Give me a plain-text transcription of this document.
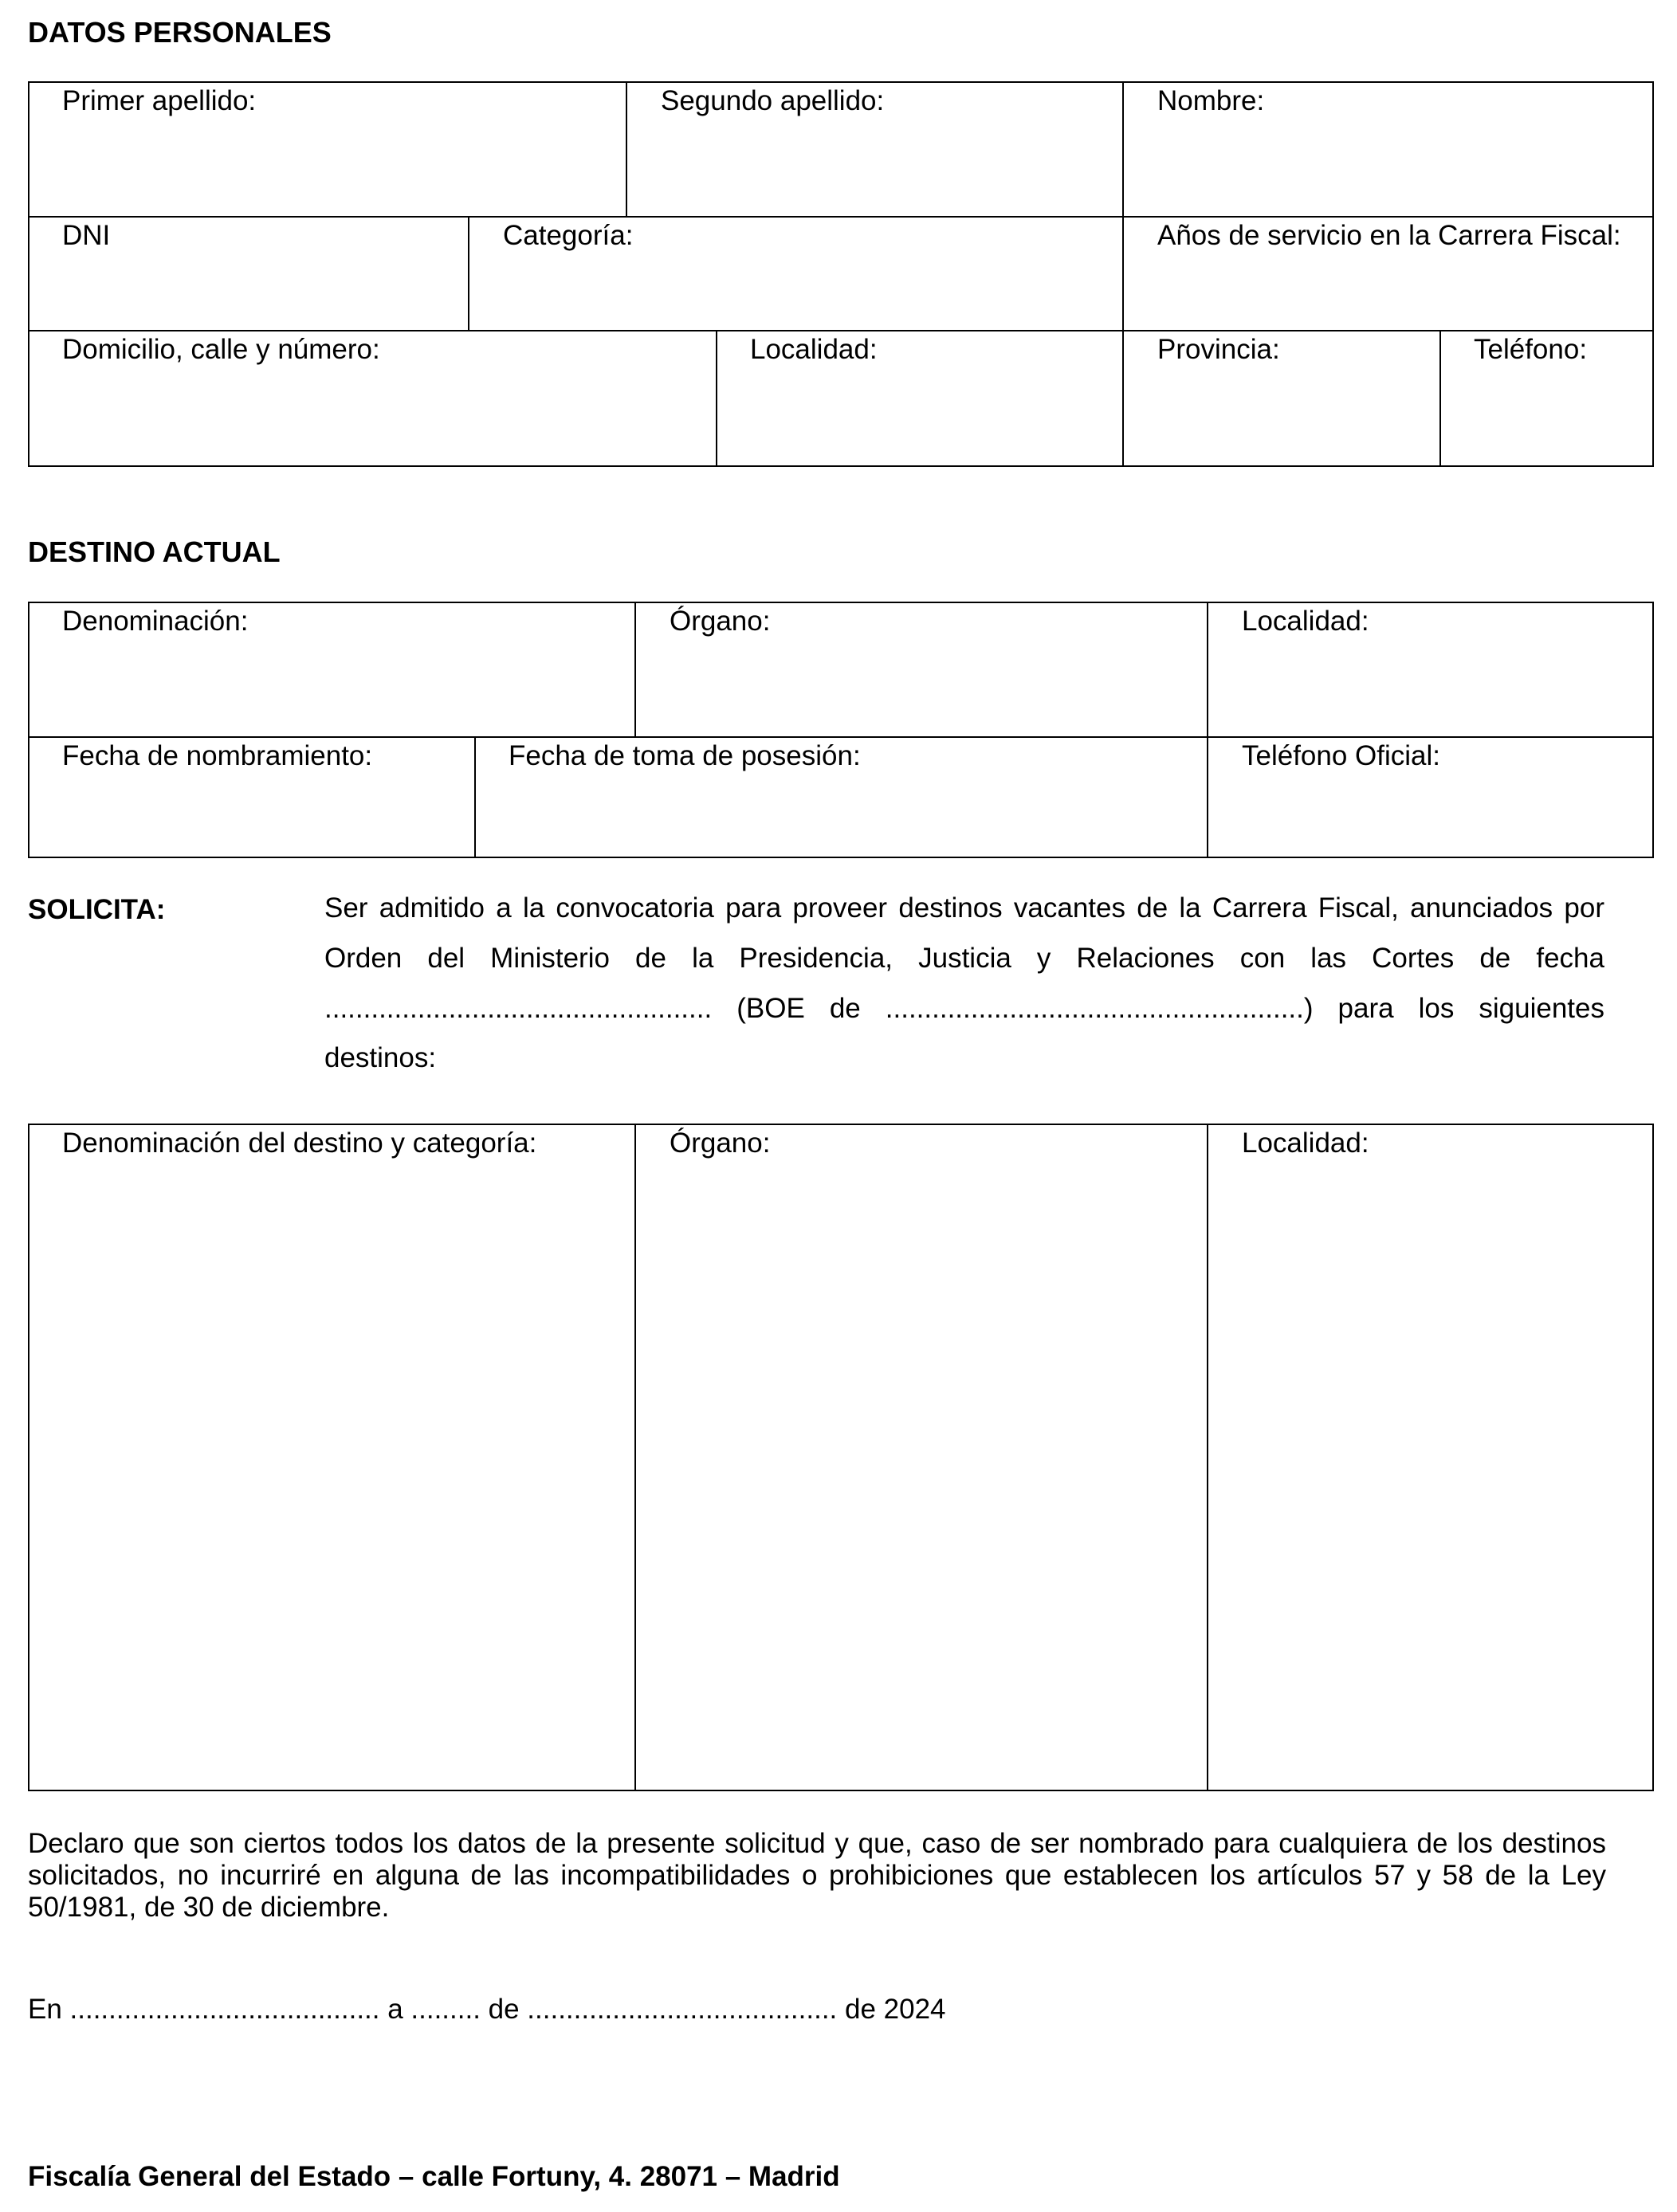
DATOS PERSONALES
Primer apellido:	Segundo apellido:	Nombre:
DNI	Categoría:	Años de servicio en la Carrera Fiscal:
Domicilio, calle y número:	Localidad:	Provincia:	Teléfono:
DESTINO ACTUAL
Denominación:	Órgano:	Localidad:
Fecha de nombramiento:	Fecha de toma de posesión:	Teléfono Oficial:
SOLICITA:	Ser admitido a la convocatoria para proveer destinos vacantes de la Carrera Fiscal, anunciados por
Orden del Ministerio de la Presidencia, Justicia y Relaciones con las Cortes de fecha
.................................................. (BOE de ......................................................) para los siguientes
destinos:
Denominación del destino y categoría:	Órgano:	Localidad:
Declaro que son ciertos todos los datos de la presente solicitud y que, caso de ser nombrado para cualquiera de los destinos solicitados, no incurriré en alguna de las incompatibilidades o prohibiciones que establecen los artículos 57 y 58 de la Ley 50/1981, de 30 de diciembre.
En ........................................ a ......... de ........................................ de 2024
Fiscalía General del Estado – calle Fortuny, 4. 28071 – Madrid
